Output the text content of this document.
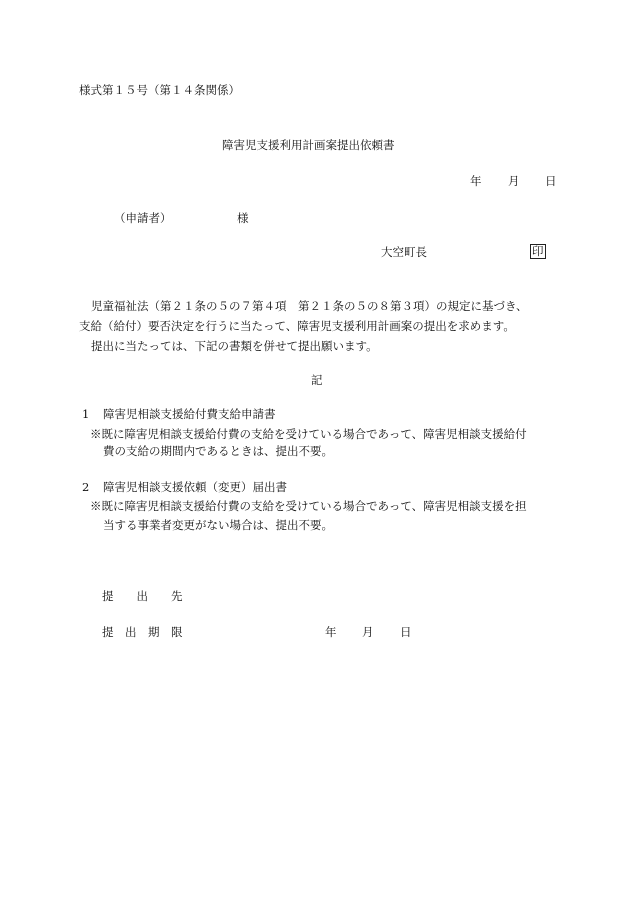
様式第１５号（第１４条関係）
障害児支援利用計画案提出依頼書
年 月 日
（申請者）	様
大空町長	印
児童福祉法（第２１条の５の７第４項　第２１条の５の８第３項）の規定に基づき、
支給（給付）要否決定を行うに当たって、障害児支援利用計画案の提出を求めます。
提出に当たっては、下記の書類を併せて提出願います。
記
1 障害児相談支援給付費支給申請書
※既に障害児相談支援給付費の支給を受けている場合であって、障害児相談支援給付
費の支給の期間内であるときは、提出不要。
2 障害児相談支援依頼（変更）届出書
※既に障害児相談支援給付費の支給を受けている場合であって、障害児相談支援を担
当する事業者変更がない場合は、提出不要。
提　　出　　先
提　出　期　限	年 月 日
